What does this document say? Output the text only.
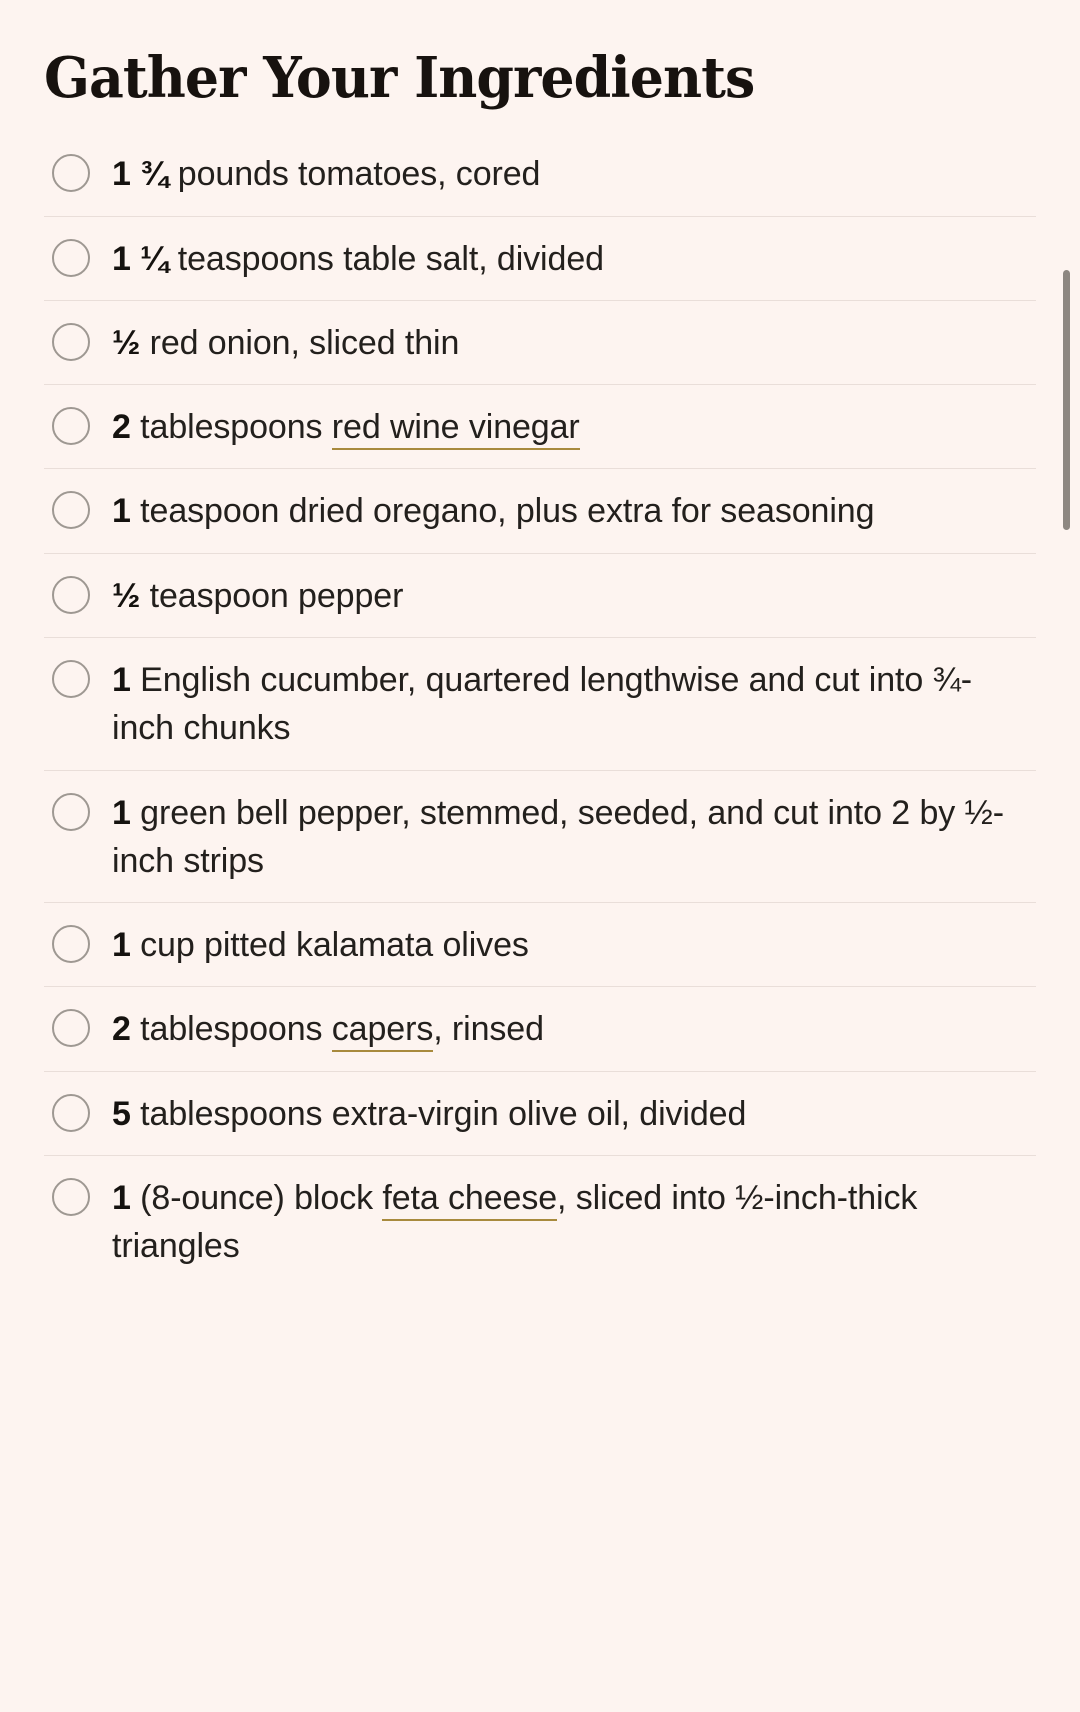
Gather Your Ingredients
1 ¾ pounds tomatoes, cored
1 ¼ teaspoons table salt, divided
½ red onion, sliced thin
2 tablespoons red wine vinegar
1 teaspoon dried oregano, plus extra for seasoning
½ teaspoon pepper
1 English cucumber, quartered lengthwise and cut into ¾-inch chunks
1 green bell pepper, stemmed, seeded, and cut into 2 by ½-inch strips
1 cup pitted kalamata olives
2 tablespoons capers, rinsed
5 tablespoons extra-virgin olive oil, divided
1 (8-ounce) block feta cheese, sliced into ½-inch-thick triangles
